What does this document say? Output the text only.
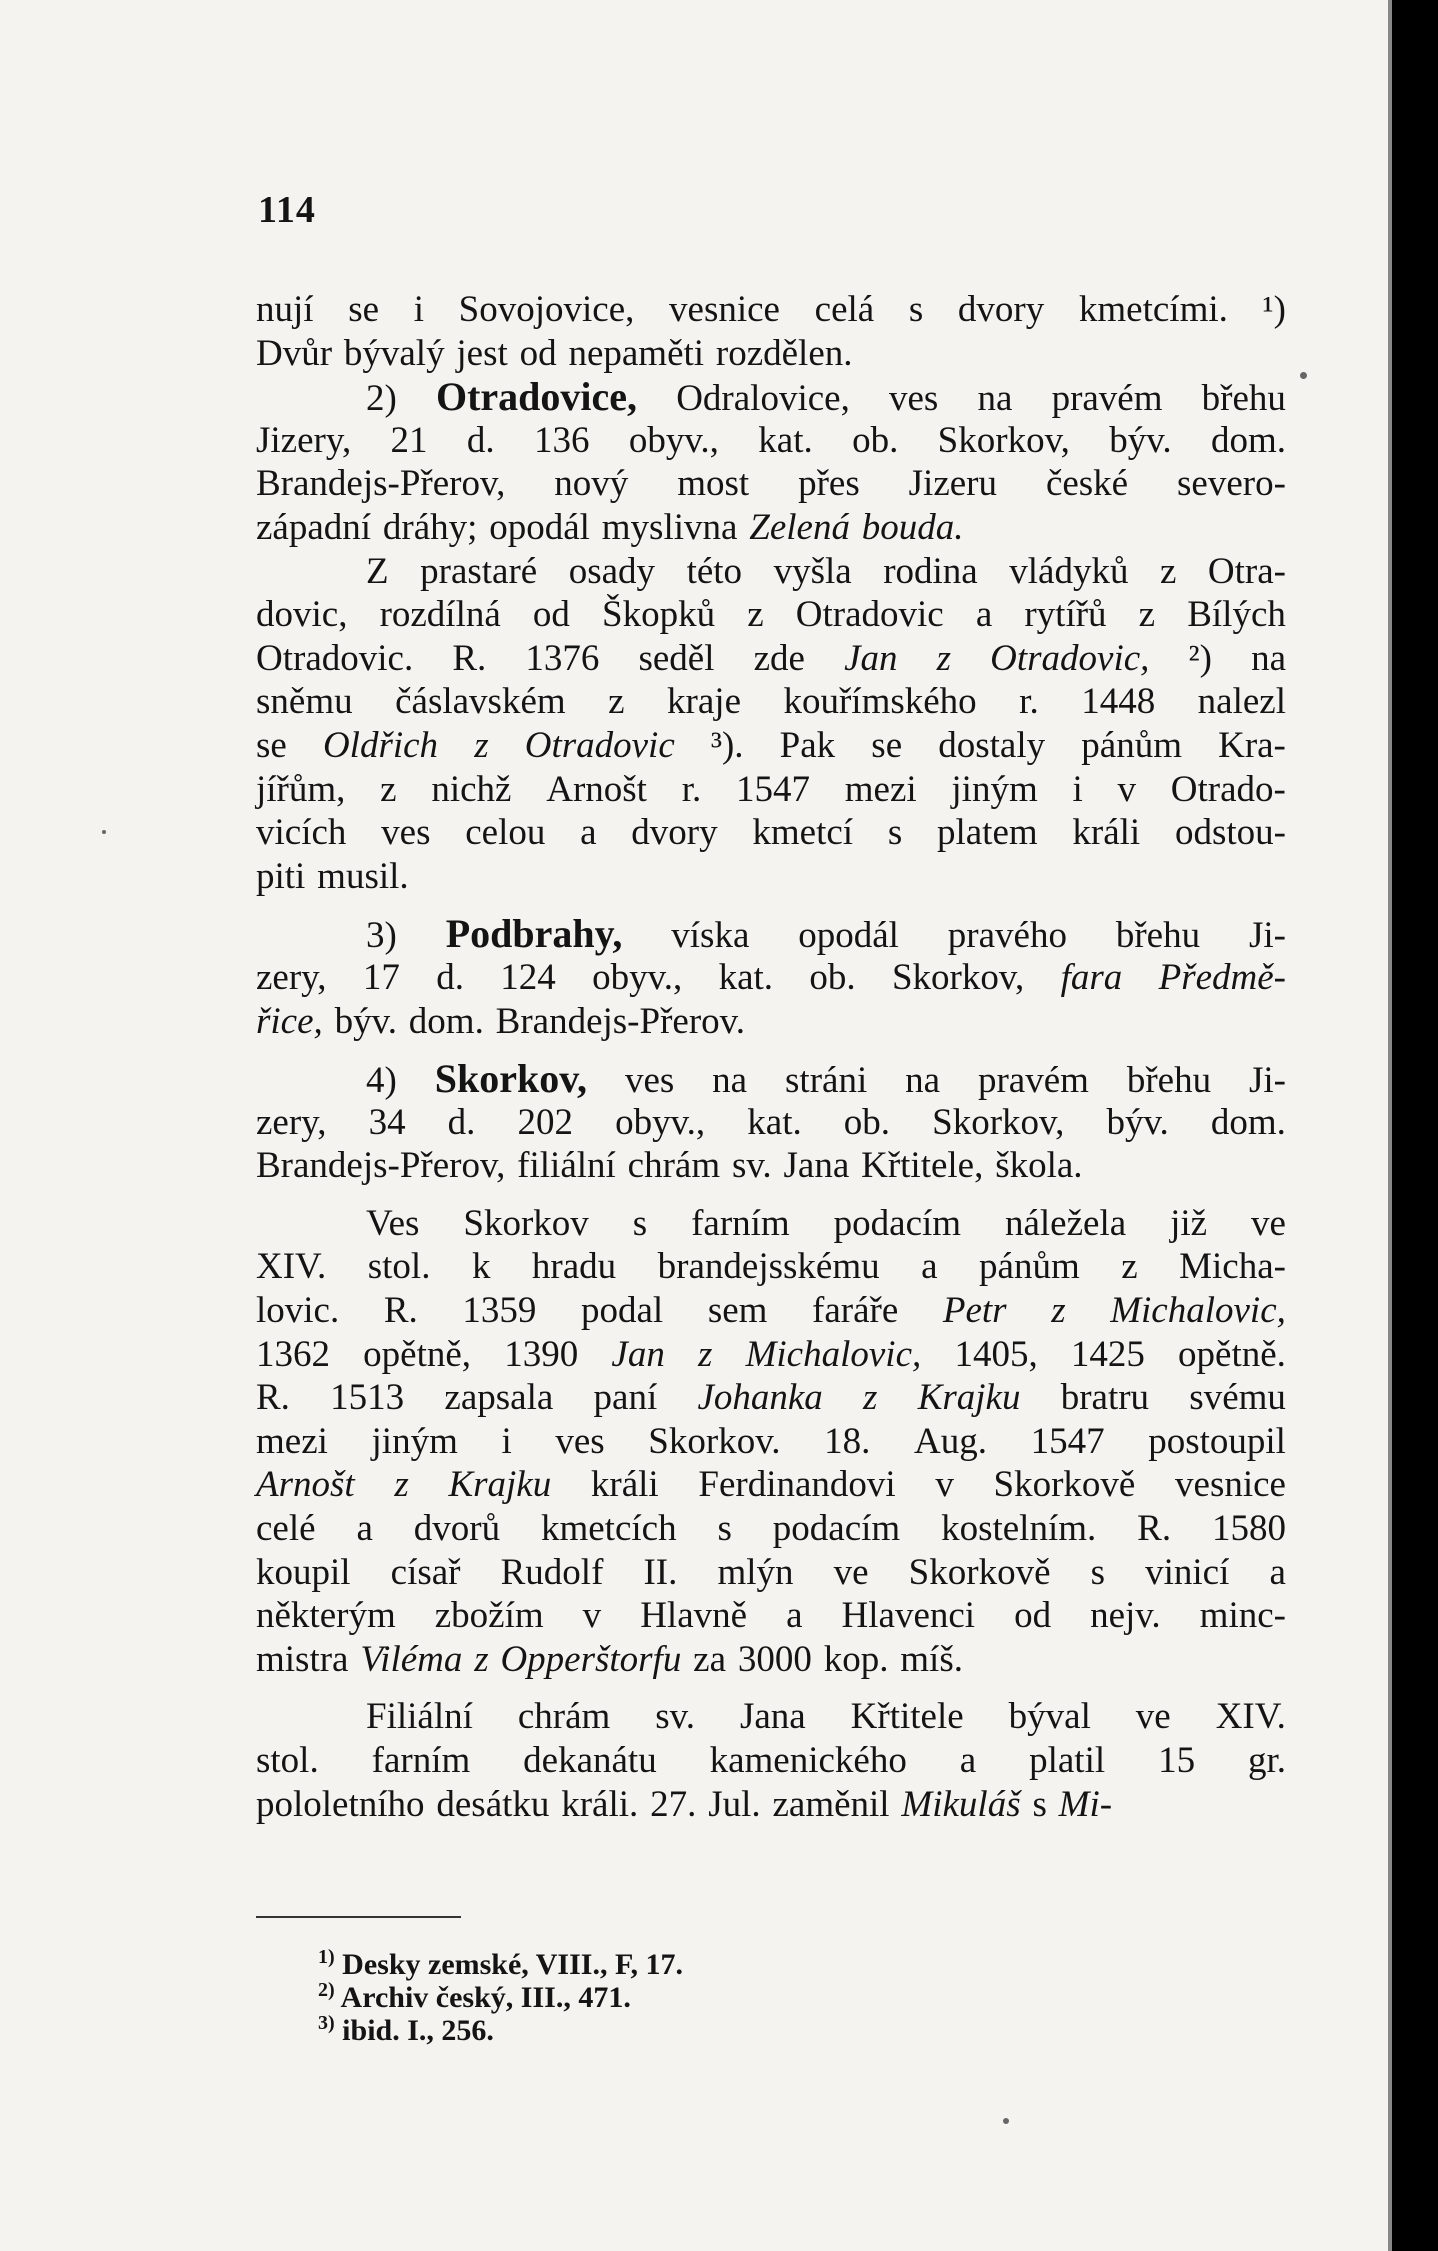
114
nují se i Sovojovice, vesnice celá s dvory kmetcími. ¹)
Dvůr bývalý jest od nepaměti rozdělen.
2) Otradovice, Odralovice, ves na pravém břehu
Jizery, 21 d. 136 obyv., kat. ob. Skorkov, býv. dom.
Brandejs-Přerov, nový most přes Jizeru české severo-
západní dráhy; opodál myslivna Zelená bouda.
Z prastaré osady této vyšla rodina vládyků z Otra-
dovic, rozdílná od Škopků z Otradovic a rytířů z Bílých
Otradovic. R. 1376 seděl zde Jan z Otradovic, ²) na
sněmu čáslavském z kraje kouřímského r. 1448 nalezl
se Oldřich z Otradovic ³). Pak se dostaly pánům Kra-
jířům, z nichž Arnošt r. 1547 mezi jiným i v Otrado-
vicích ves celou a dvory kmetcí s platem králi odstou-
piti musil.
3) Podbrahy, víska opodál pravého břehu Ji-
zery, 17 d. 124 obyv., kat. ob. Skorkov, fara Předmě-
řice, býv. dom. Brandejs-Přerov.
4) Skorkov, ves na stráni na pravém břehu Ji-
zery, 34 d. 202 obyv., kat. ob. Skorkov, býv. dom.
Brandejs-Přerov, filiální chrám sv. Jana Křtitele, škola.
Ves Skorkov s farním podacím náležela již ve
XIV. stol. k hradu brandejsskému a pánům z Micha-
lovic. R. 1359 podal sem faráře Petr z Michalovic,
1362 opětně, 1390 Jan z Michalovic, 1405, 1425 opětně.
R. 1513 zapsala paní Johanka z Krajku bratru svému
mezi jiným i ves Skorkov. 18. Aug. 1547 postoupil
Arnošt z Krajku králi Ferdinandovi v Skorkově vesnice
celé a dvorů kmetcích s podacím kostelním. R. 1580
koupil císař Rudolf II. mlýn ve Skorkově s vinicí a
některým zbožím v Hlavně a Hlavenci od nejv. minc-
mistra Viléma z Opperštorfu za 3000 kop. míš.
Filiální chrám sv. Jana Křtitele býval ve XIV.
stol. farním dekanátu kamenického a platil 15 gr.
pololetního desátku králi. 27. Jul. zaměnil Mikuláš s Mi-
$^{1)}$ Desky zemské, VIII., F, 17.
$^{2)}$ Archiv český, III., 471.
$^{3)}$ ibid. I., 256.
